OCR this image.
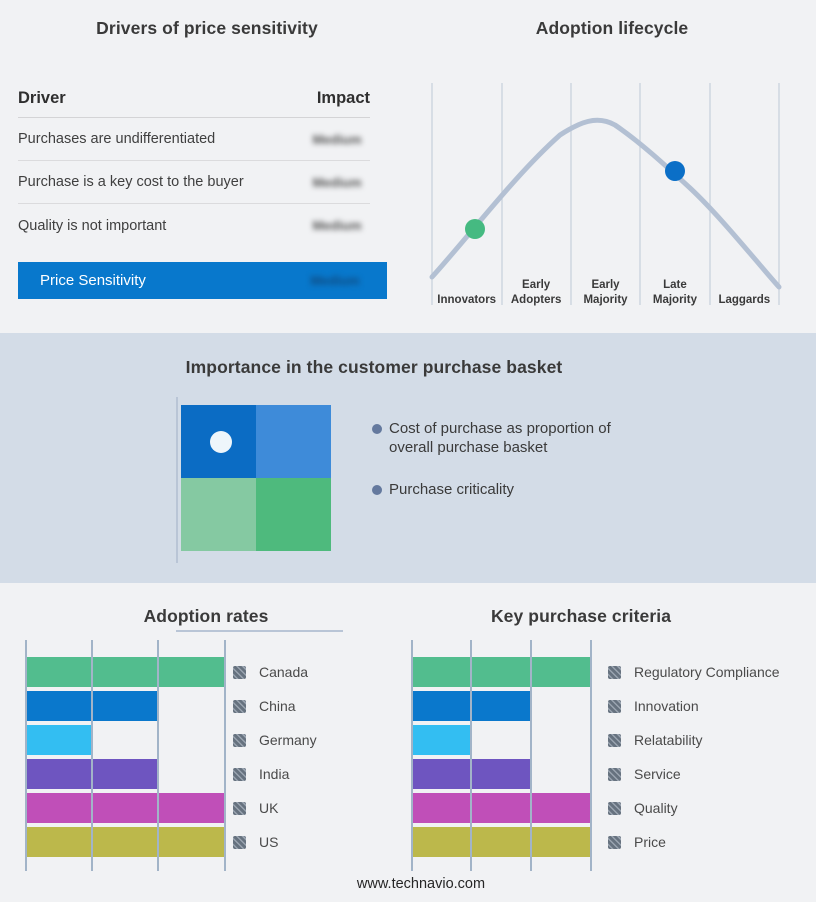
Drivers of price sensitivity
Driver	Impact
Purchases are undifferentiated	Medium
Purchase is a key cost to the buyer	Medium
Quality is not important	Medium
Price Sensitivity	Medium
Adoption lifecycle
Innovators
Early Adopters
Early Majority
Late Majority	Laggards
Importance in the customer purchase basket
Cost of purchase as proportion of overall purchase basket
Purchase criticality
Adoption rates	Key purchase criteria
Canada
China
Germany
India
UK
US
Regulatory Compliance
Innovation
Relatability
Service
Quality
Price
www.technavio.com
